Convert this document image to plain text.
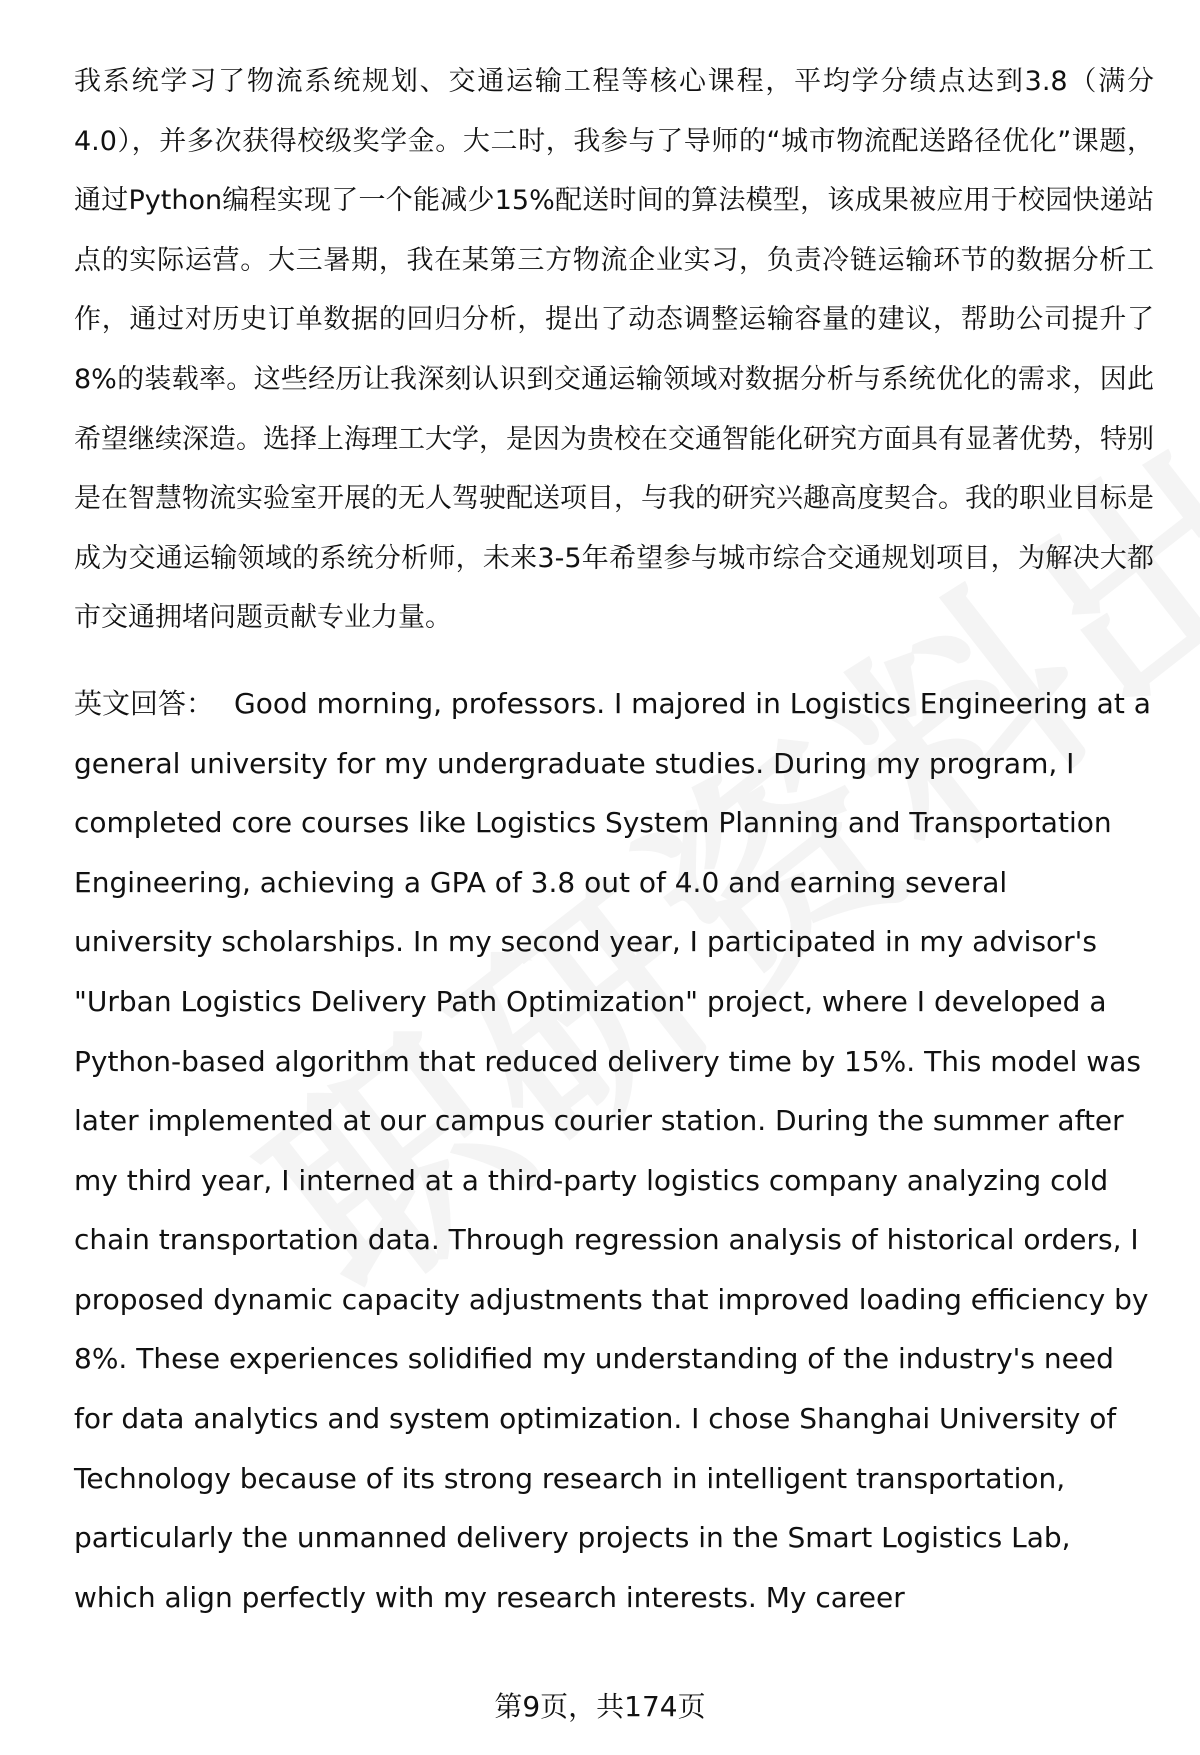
我系统学习了物流系统规划、交通运输工程等核心课程，平均学分绩点达到3.8（满分4.0），并多次获得校级奖学金。大二时，我参与了导师的“城市物流配送路径优化”课题，通过Python编程实现了一个能减少15%配送时间的算法模型，该成果被应用于校园快递站点的实际运营。大三暑期，我在某第三方物流企业实习，负责冷链运输环节的数据分析工作，通过对历史订单数据的回归分析，提出了动态调整运输容量的建议，帮助公司提升了8%的装载率。这些经历让我深刻认识到交通运输领域对数据分析与系统优化的需求，因此希望继续深造。选择上海理工大学，是因为贵校在交通智能化研究方面具有显著优势，特别是在智慧物流实验室开展的无人驾驶配送项目，与我的研究兴趣高度契合。我的职业目标是成为交通运输领域的系统分析师，未来3-5年希望参与城市综合交通规划项目，为解决大都市交通拥堵问题贡献专业力量。

英文回答： Good morning, professors. I majored in Logistics Engineering at a general university for my undergraduate studies. During my program, I completed core courses like Logistics System Planning and Transportation Engineering, achieving a GPA of 3.8 out of 4.0 and earning several university scholarships. In my second year, I participated in my advisor's "Urban Logistics Delivery Path Optimization" project, where I developed a Python-based algorithm that reduced delivery time by 15%. This model was later implemented at our campus courier station. During the summer after my third year, I interned at a third-party logistics company analyzing cold chain transportation data. Through regression analysis of historical orders, I proposed dynamic capacity adjustments that improved loading efficiency by 8%. These experiences solidified my understanding of the industry's need for data analytics and system optimization. I chose Shanghai University of Technology because of its strong research in intelligent transportation, particularly the unmanned delivery projects in the Smart Logistics Lab, which align perfectly with my research interests. My career

第9页，共174页
